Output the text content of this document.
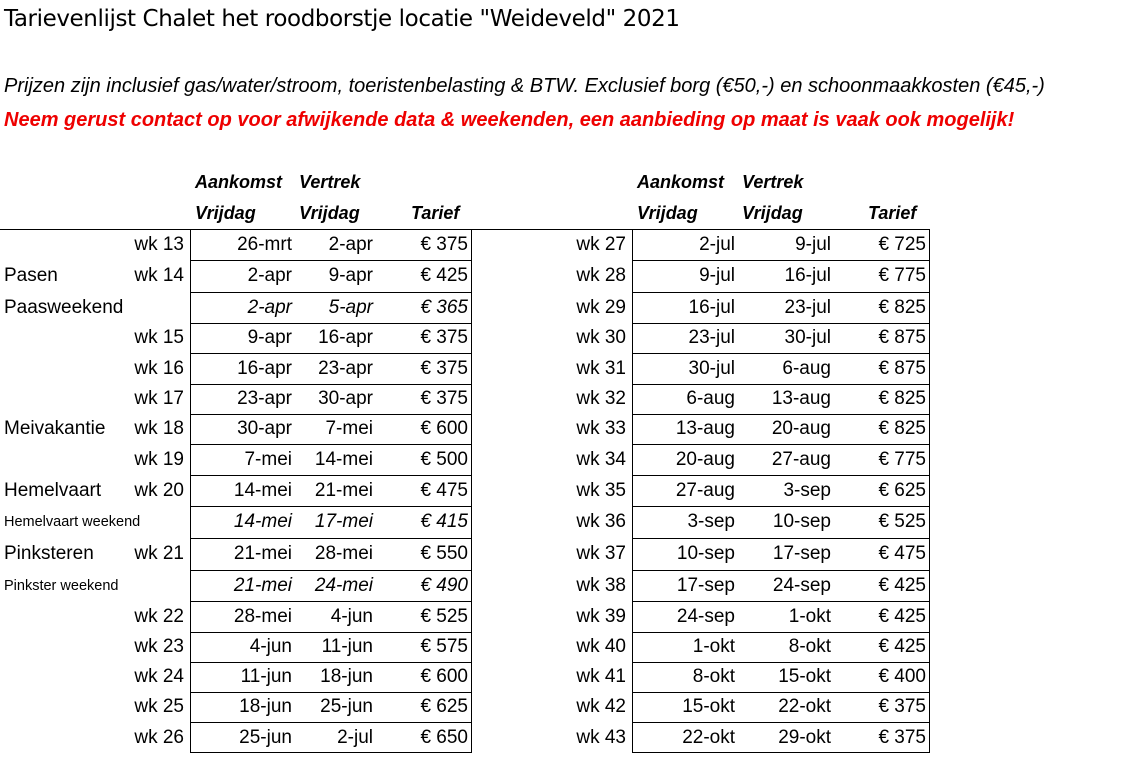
Tarievenlijst Chalet het roodborstje locatie "Weideveld" 2021
Prijzen zijn inclusief gas/water/stroom, toeristenbelasting & BTW. Exclusief borg (€50,-) en schoonmaakkosten (€45,-)
Neem gerust contact op voor afwijkende data & weekenden, een aanbieding op maat is vaak ook mogelijk!
Aankomst Vertrek
Vrijdag Vrijdag	Tarief
Aankomst Vertrek
Vrijdag Vrijdag	Tarief
wk 13	26-mrt	2-apr	€ 375
Pasen	wk 14	2-apr	9-apr	€ 425
Paasweekend	2-apr	5-apr	€ 365
wk 15	9-apr	16-apr	€ 375
wk 16	16-apr	23-apr	€ 375
wk 17	23-apr	30-apr	€ 375
Meivakantie	wk 18	30-apr	7-mei	€ 600
wk 19	7-mei	14-mei	€ 500
Hemelvaart	wk 20	14-mei	21-mei	€ 475
Hemelvaart weekend	14-mei	17-mei	€ 415
Pinksteren	wk 21	21-mei	28-mei	€ 550
Pinkster weekend	21-mei	24-mei	€ 490
wk 22	28-mei	4-jun	€ 525
wk 23	4-jun	11-jun	€ 575
wk 24	11-jun	18-jun	€ 600
wk 25	18-jun	25-jun	€ 625
wk 26	25-jun	2-jul	€ 650
wk 27	2-jul	9-jul	€ 725
wk 28	9-jul	16-jul	€ 775
wk 29	16-jul	23-jul	€ 825
wk 30	23-jul	30-jul	€ 875
wk 31	30-jul	6-aug	€ 875
wk 32	6-aug	13-aug	€ 825
wk 33	13-aug	20-aug	€ 825
wk 34	20-aug	27-aug	€ 775
wk 35	27-aug	3-sep	€ 625
wk 36	3-sep	10-sep	€ 525
wk 37	10-sep	17-sep	€ 475
wk 38	17-sep	24-sep	€ 425
wk 39	24-sep	1-okt	€ 425
wk 40	1-okt	8-okt	€ 425
wk 41	8-okt	15-okt	€ 400
wk 42	15-okt	22-okt	€ 375
wk 43	22-okt	29-okt	€ 375
